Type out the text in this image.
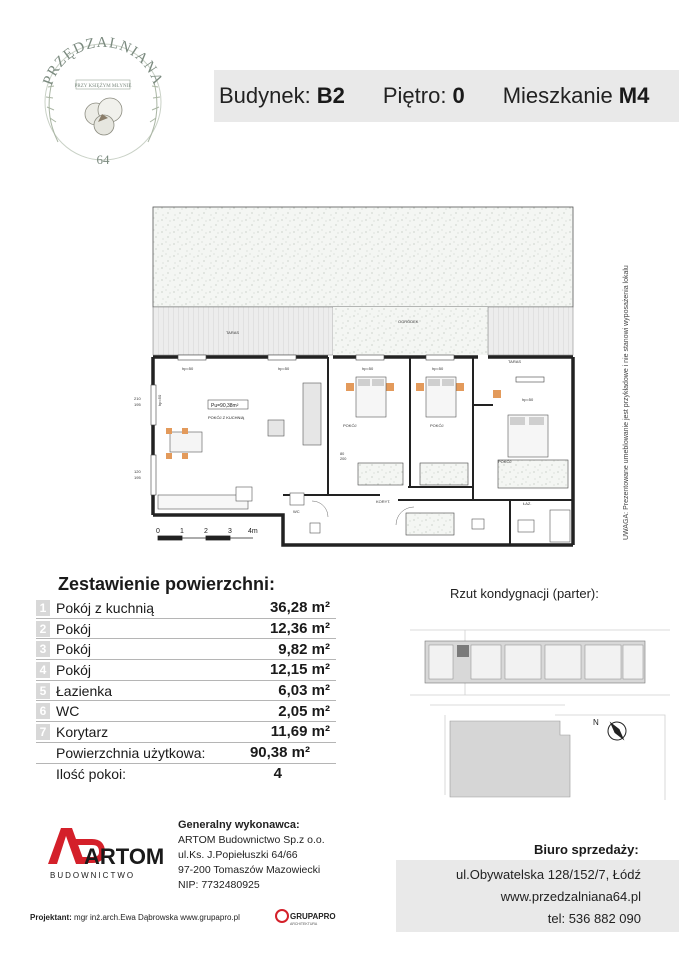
PRZĘDZALNIANA
PRZY KSIĘŻYM MŁYNIE
64
Budynek: B2 Piętro: 0 Mieszkanie M4
OGRÓDEK
TARAS
TARAS
hp=50	hp=50	hp=50	hp=50
hp=50
hp=50
210
195
120
195
Pu=90,38m²
POKÓJ Z KUCHNIĄ
POKÓJ	POKÓJ
POKÓJ
KORYT.	ŁAZ.
WC
80
200
0	1	2	3 4m	UWAGA: Prezentowane umeblowanie jest przykładowe i nie stanowi wyposażenia lokalu
Zestawienie powierzchni:
1 Pokój z kuchnią	36,28 m²
2 Pokój	12,36 m²
3 Pokój	9,82 m²
4 Pokój	12,15 m²
5 Łazienka	6,03 m²
6 WC	2,05 m²
7 Korytarz	11,69 m²
Powierzchnia użytkowa:	90,38 m²
Ilość pokoi:	4
Rzut kondygnacji (parter):
N
ARTOM
BUDOWNICTWO
Generalny wykonawca:
ARTOM Budownictwo Sp.z o.o.
ul.Ks. J.Popiełuszki 64/66
97-200 Tomaszów Mazowiecki
NIP: 7732480925
Biuro sprzedaży:
ul.Obywatelska 128/152/7, Łódź
www.przedzalniana64.pl
tel: 536 882 090
Projektant: mgr inż.arch.Ewa Dąbrowska www.grupapro.pl	GRUPAPRO
ARCHITEKTURA
